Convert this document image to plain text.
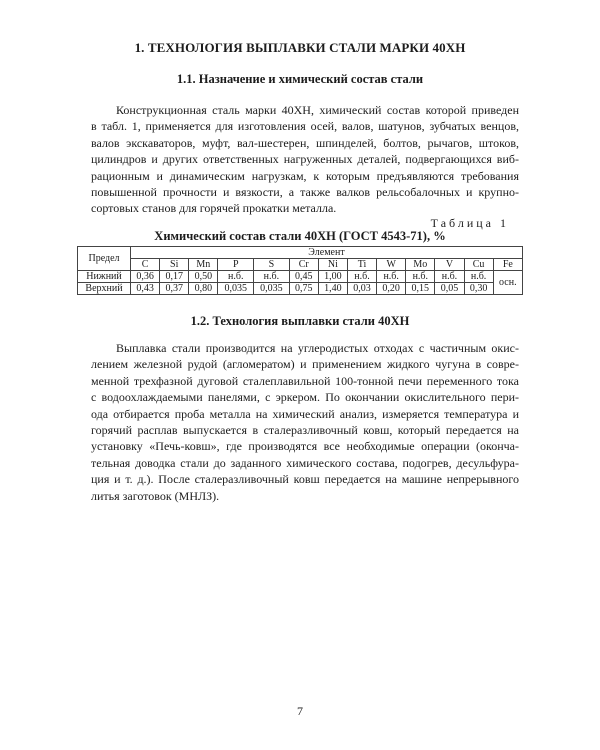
1. ТЕХНОЛОГИЯ ВЫПЛАВКИ СТАЛИ МАРКИ 40ХН
1.1. Назначение и химический состав стали
Конструкционная сталь марки 40ХН, химический состав которой приведен
в табл. 1, применяется для изготовления осей, валов, шатунов, зубчатых венцов,
валов экскаваторов, муфт, вал-шестерен, шпинделей, болтов, рычагов, штоков,
цилиндров и других ответственных нагруженных деталей, подвергающихся виб-
рационным и динамическим нагрузкам, к которым предъявляются требования
повышенной прочности и вязкости, а также валков рельсобалочных и крупно-
сортовых станов для горячей прокатки металла.
Таблица 1
Химический состав стали 40ХН (ГОСТ 4543-71), %
Предел	Элемент												
	C	Si	Mn	P	S	Cr	Ni	Ti	W	Mo	V	Cu	Fe
Нижний	0,36	0,17	0,50	н.б.	н.б.	0,45	1,00	н.б.	н.б.	н.б.	н.б.	н.б.	осн.
Верхний	0,43	0,37	0,80	0,035	0,035	0,75	1,40	0,03	0,20	0,15	0,05	0,30	
1.2. Технология выплавки стали 40ХН
Выплавка стали производится на углеродистых отходах с частичным окис-
лением железной рудой (агломератом) и применением жидкого чугуна в совре-
менной трехфазной дуговой сталеплавильной 100-тонной печи переменного тока
с водоохлаждаемыми панелями, с эркером. По окончании окислительного пери-
ода отбирается проба металла на химический анализ, измеряется температура и
горячий расплав выпускается в сталеразливочный ковш, который передается на
установку «Печь-ковш», где производятся все необходимые операции (оконча-
тельная доводка стали до заданного химического состава, подогрев, десульфура-
ция и т. д.). После сталеразливочный ковш передается на машине непрерывного
литья заготовок (МНЛЗ).
7
